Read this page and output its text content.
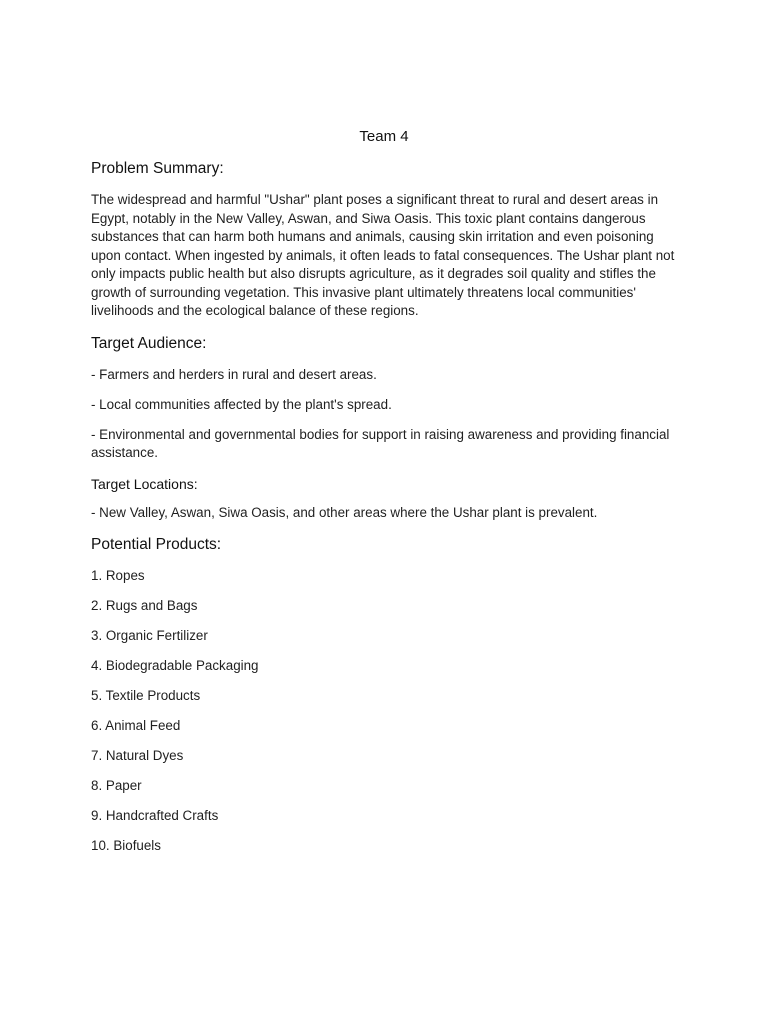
Team 4
Problem Summary:

The widespread and harmful "Ushar" plant poses a significant threat to rural and desert areas in Egypt, notably in the New Valley, Aswan, and Siwa Oasis. This toxic plant contains dangerous substances that can harm both humans and animals, causing skin irritation and even poisoning upon contact. When ingested by animals, it often leads to fatal consequences. The Ushar plant not only impacts public health but also disrupts agriculture, as it degrades soil quality and stifles the growth of surrounding vegetation. This invasive plant ultimately threatens local communities' livelihoods and the ecological balance of these regions.

Target Audience:

- Farmers and herders in rural and desert areas.

- Local communities affected by the plant's spread.

- Environmental and governmental bodies for support in raising awareness and providing financial assistance.

Target Locations:

- New Valley, Aswan, Siwa Oasis, and other areas where the Ushar plant is prevalent.

Potential Products:
1. Ropes
2. Rugs and Bags
3. Organic Fertilizer
4. Biodegradable Packaging
5. Textile Products
6. Animal Feed
7. Natural Dyes
8. Paper
9. Handcrafted Crafts
10. Biofuels
